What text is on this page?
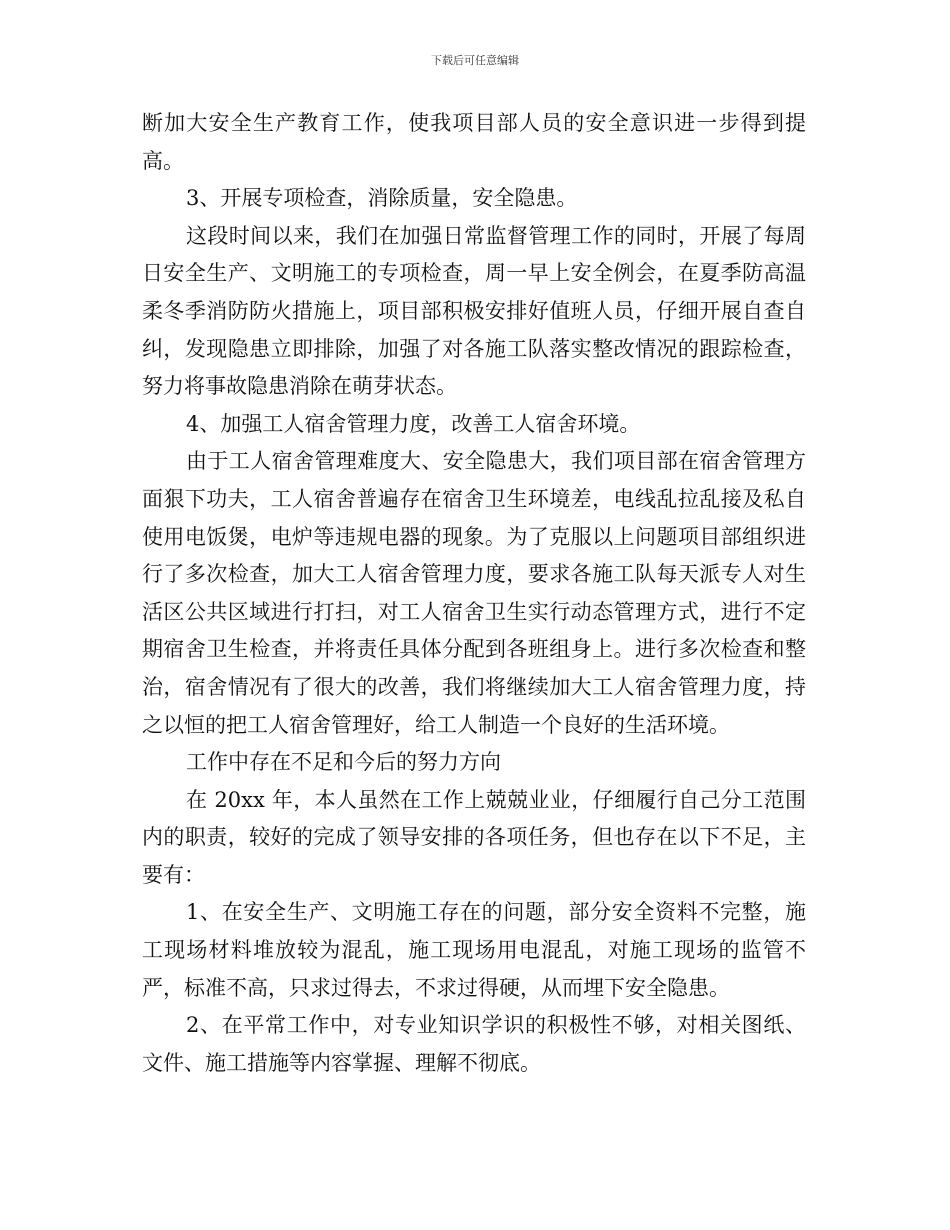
下载后可任意编辑

断加大安全生产教育工作，使我项目部人员的安全意识进一步得到提高。

3、开展专项检查，消除质量，安全隐患。

这段时间以来，我们在加强日常监督管理工作的同时，开展了每周日安全生产、文明施工的专项检查，周一早上安全例会，在夏季防高温柔冬季消防防火措施上，项目部积极安排好值班人员，仔细开展自查自纠，发现隐患立即排除，加强了对各施工队落实整改情况的跟踪检查，努力将事故隐患消除在萌芽状态。

4、加强工人宿舍管理力度，改善工人宿舍环境。

由于工人宿舍管理难度大、安全隐患大，我们项目部在宿舍管理方面狠下功夫，工人宿舍普遍存在宿舍卫生环境差，电线乱拉乱接及私自使用电饭煲，电炉等违规电器的现象。为了克服以上问题项目部组织进行了多次检查，加大工人宿舍管理力度，要求各施工队每天派专人对生活区公共区域进行打扫，对工人宿舍卫生实行动态管理方式，进行不定期宿舍卫生检查，并将责任具体分配到各班组身上。进行多次检查和整治，宿舍情况有了很大的改善，我们将继续加大工人宿舍管理力度，持之以恒的把工人宿舍管理好，给工人制造一个良好的生活环境。

工作中存在不足和今后的努力方向

在 20xx 年，本人虽然在工作上兢兢业业，仔细履行自己分工范围内的职责，较好的完成了领导安排的各项任务，但也存在以下不足，主要有：

1、在安全生产、文明施工存在的问题，部分安全资料不完整，施工现场材料堆放较为混乱，施工现场用电混乱，对施工现场的监管不严，标准不高，只求过得去，不求过得硬，从而埋下安全隐患。

2、在平常工作中，对专业知识学识的积极性不够，对相关图纸、文件、施工措施等内容掌握、理解不彻底。
